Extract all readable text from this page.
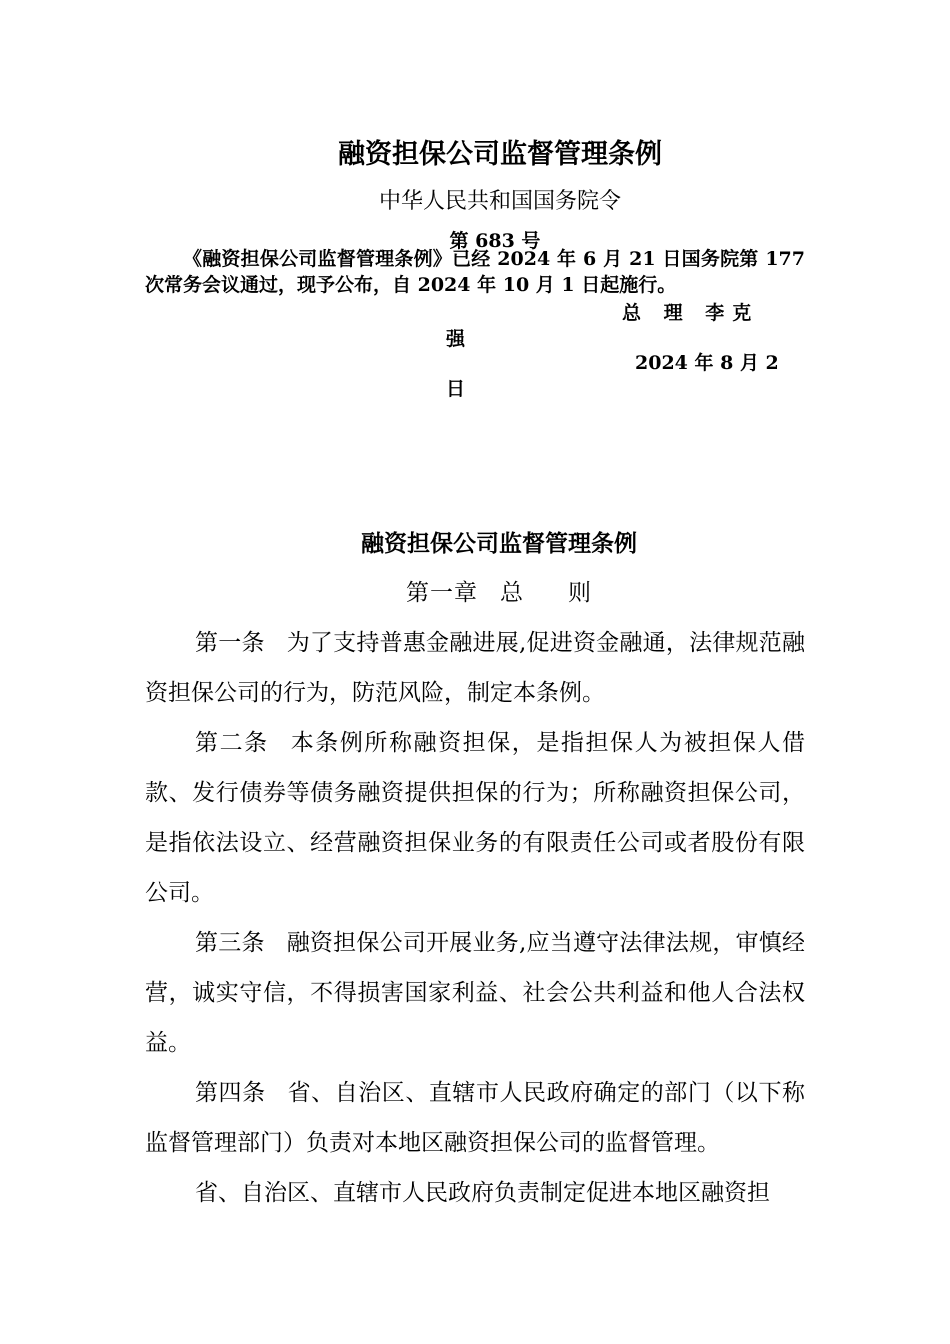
融资担保公司监督管理条例
中华人民共和国国务院令
第 683 号
《融资担保公司监督管理条例》已经 2024 年 6 月 21 日国务院第 177 次常务会议通过，现予公布，自 2024 年 10 月 1 日起施行。
总 理 李克
强
2024 年 8 月 2
日
融资担保公司监督管理条例
第一章 总 则

第一条 为了支持普惠金融进展,促进资金融通，法律规范融资担保公司的行为，防范风险，制定本条例。

第二条 本条例所称融资担保，是指担保人为被担保人借款、发行债券等债务融资提供担保的行为；所称融资担保公司，是指依法设立、经营融资担保业务的有限责任公司或者股份有限公司。

第三条 融资担保公司开展业务,应当遵守法律法规，审慎经营，诚实守信，不得损害国家利益、社会公共利益和他人合法权益。

第四条 省、自治区、直辖市人民政府确定的部门（以下称监督管理部门）负责对本地区融资担保公司的监督管理。

省、自治区、直辖市人民政府负责制定促进本地区融资担
